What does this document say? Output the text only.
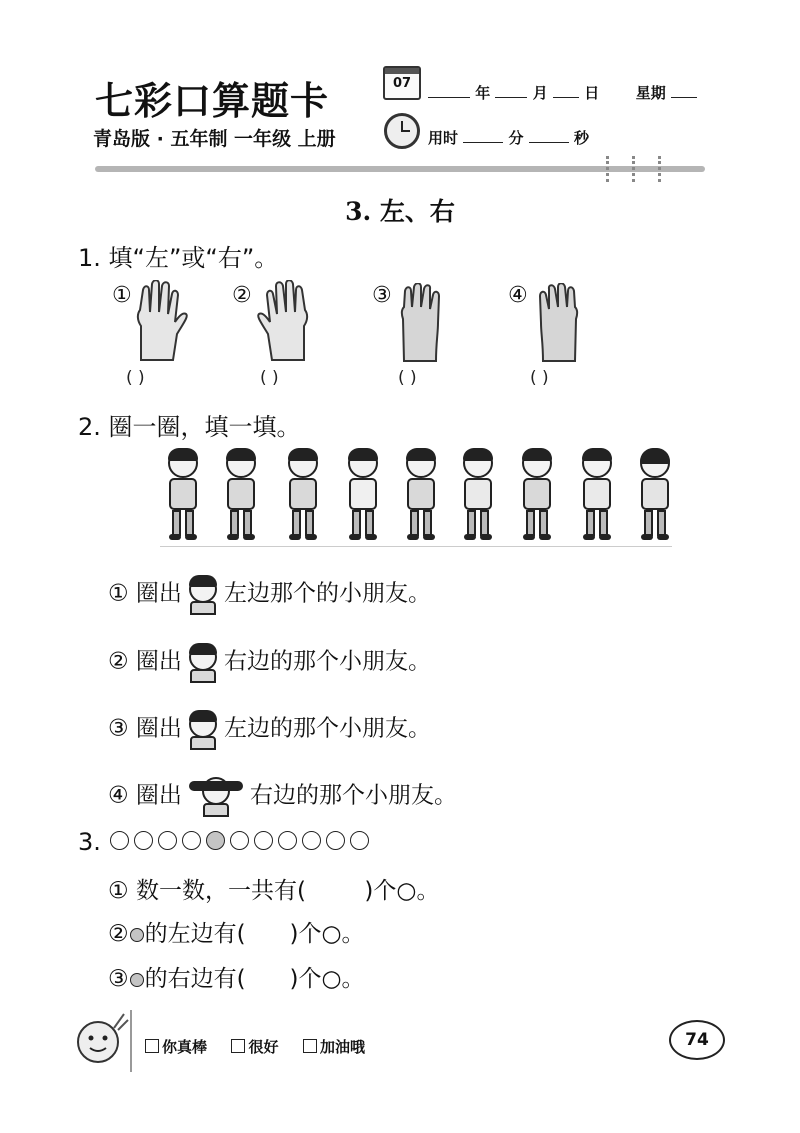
七彩口算题卡
青岛版 · 五年制 一年级 上册
07
年	月 日 星期
用时	分	秒
3. 左、右
1. 填“左”或“右”。
①	②	③	④
( )	( )	( )	( )
2. 圈一圈，填一填。
① 圈出 左边那个的小朋友。
② 圈出 右边的那个小朋友。
③ 圈出 左边的那个小朋友。
④ 圈出	右边的那个小朋友。
3.
① 数一数，一共有(	)个○。
② 的左边有( )个○。
③ 的右边有( )个○。
你真棒	很好	加油哦	74
